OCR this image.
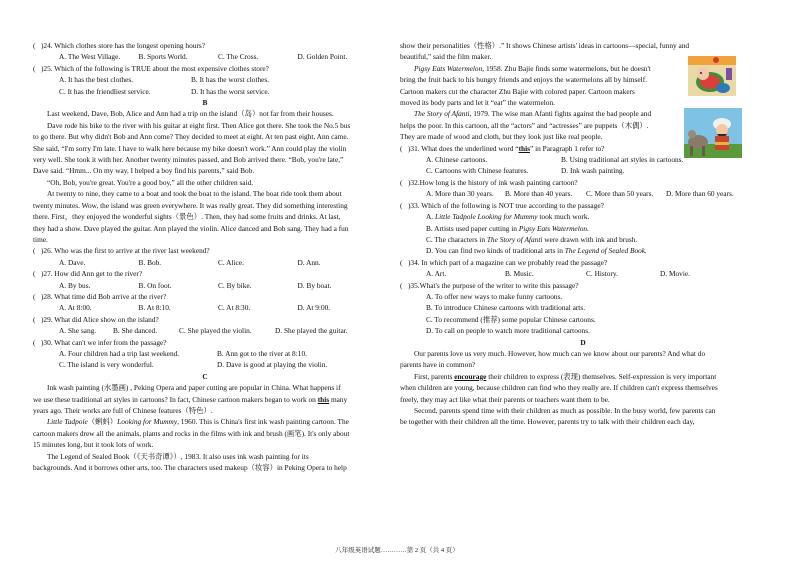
(   )24. Which clothes store has the longest opening hours?
A. The West Village.	B. Sports World.	C. The Cross.	D. Golden Point.
(   )25. Which of the following is TRUE about the most expensive clothes store?
A. It has the best clothes.	B. It has the worst clothes.
C. It has the friendliest service.	D. It has the worst service.
B
Last weekend, Dave, Bob, Alice and Ann had a trip on the island（岛）not far from their houses.
Dave rode his bike to the river with his guitar at eight first. Then Alice got there. She took the No.5 bus
to go there. But why didn't Bob and Ann come? They decided to meet at eight. At ten past eight, Ann came.
She said, “I'm sorry I'm late. I have to walk here because my bike doesn't work.” Ann could play the violin
very well. She took it with her. Another twenty minutes passed, and Bob arrived there. “Bob, you're late,”
Dave said. “Hmm... On my way, I helped a boy find his parents,” said Bob.
“Oh, Bob, you're great. You're a good boy,” all the other children said.
At twenty to nine, they came to a boat and took the boat to the island. The boat ride took them about
twenty minutes. Wow, the island was green everywhere. It was really great. They did something interesting
there. First，they enjoyed the wonderful sights（景色）. Then, they had some fruits and drinks. At last,
they had a show. Dave played the guitar. Ann played the violin. Alice danced and Bob sang. They had a fun
time.
(   )26. Who was the first to arrive at the river last weekend?
A. Dave.	B. Bob.	C. Alice.	D. Ann.
(   )27. How did Ann get to the river?
A. By bus.	B. On foot.	C. By bike.	D. By boat.
(   )28. What time did Bob arrive at the river?
A. At 8:00.	B. At 8:10.	C. At 8:30.	D. At 9:00.
(   )29. What did Alice show on the island?
A. She sang.	B. She danced.	C. She played the violin.	D. She played the guitar.
(   )30. What can't we infer from the passage?
A. Four children had a trip last weekend.	B. Ann got to the river at 8:10.
C. The island is very wonderful.	D. Dave is good at playing the violin.
C
Ink wash painting (水墨画) , Peking Opera and paper cutting are popular in China. What happens if
we use these traditional art styles in cartoons? In fact, Chinese cartoon makers began to work on this many
years ago. Their works are full of Chinese features（特色）.
Little Tadpole（蝌蚪）Looking for Mummy, 1960. This is China's first ink wash painting cartoon. The
cartoon makers drew all the animals, plants and rocks in the films with ink and brush (画笔). It's only about
15 minutes long, but it took lots of work.
The Legend of Sealed Book（《天书奇谭》）, 1983. It also uses ink wash painting for its
backgrounds. And it borrows other arts, too. The characters used makeup（妆容）in Peking Opera to help
show their personalities（性格）.” It shows Chinese artists' ideas in cartoons—special, funny and
beautiful,” said the film maker.
Pigsy Eats Watermelon, 1958. Zhu Bajie finds some watermelons, but he doesn't
bring the fruit back to his hungry friends and enjoys the watermelons all by himself.
Cartoon makers cut the character Zhu Bajie with colored paper. Cartoon makers
moved its body parts and let it “eat” the watermelon.
The Story of Afanti, 1979. The wise man Afanti fights against the bad people and
helps the poor. In this cartoon, all the “actors” and “actresses” are puppets（木偶）.
They are made of wood and cloth, but they look just like real people.
(   )31. What does the underlined word “this” in Paragraph 1 refer to?
A. Chinese cartoons.	B. Using traditional art styles in cartoons.
C. Cartoons with Chinese features.	D. Ink wash painting.
(   )32.How long is the history of ink wash painting cartoon?
A. More than 30 years.	B. More than 40 years.	C. More than 50 years.	D. More than 60 years.
(   )33. Which of the following is NOT true according to the passage?
A. Little Tadpole Looking for Mummy took much work.
B. Artists used paper cutting in Pigsy Eats Watermelon.
C. The characters in The Story of Afanti were drawn with ink and brush.
D. You can find two kinds of traditional arts in The Legend of Sealed Book.
(   )34. In which part of a magazine can we probably read the passage?
A. Art.	B. Music.	C. History.	D. Movie.
(   )35.What's the purpose of the writer to write this passage?
A. To offer new ways to make funny cartoons.
B. To introduce Chinese cartoons with traditional arts.
C. To recommend (推荐) some popular Chinese cartoons.
D. To call on people to watch more traditional cartoons.
D
Our parents love us very much. However, how much can we know about our parents? And what do
parents have in common?
First, parents encourage their children to express (表现) themselves. Self-expression is very important
when children are young, because children can find who they really are. If children can't express themselves
freely, they may act like what their parents or teachers want them to be.
Second, parents spend time with their children as much as possible. In the busy world, few parents can
be together with their children all the time. However, parents try to talk with their children each day,
八年级英语试题…………第 2 页（共 4 页）
